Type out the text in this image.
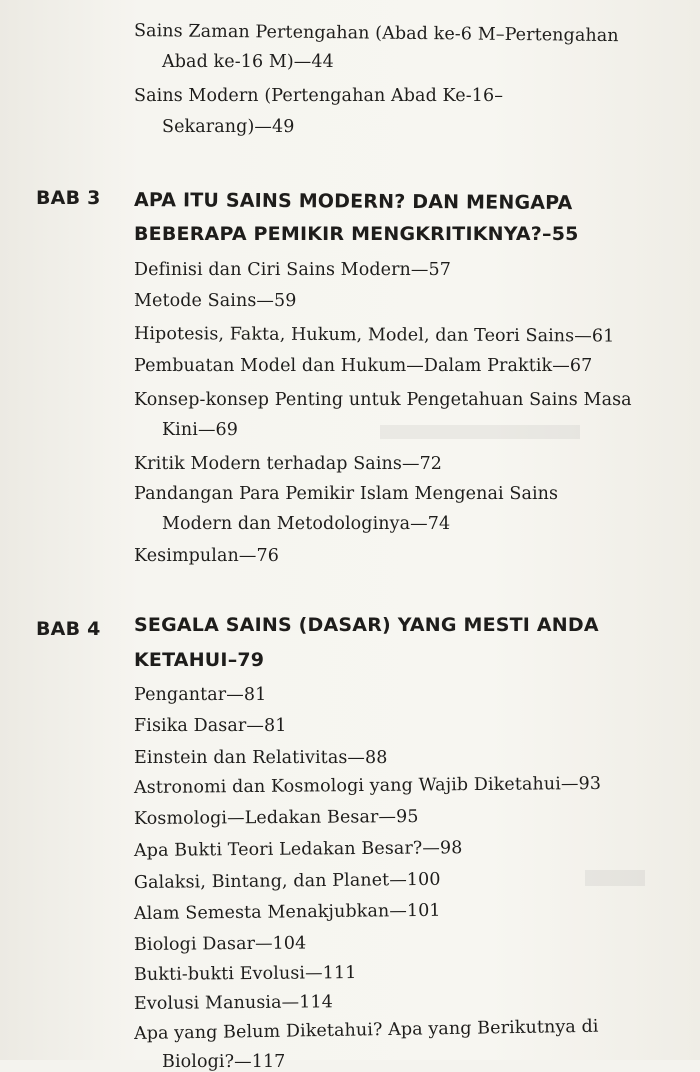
Sains Zaman Pertengahan (Abad ke-6 M–Pertengahan
Abad ke-16 M)—44
Sains Modern (Pertengahan Abad Ke-16–
Sekarang)—49
BAB 3 APA ITU SAINS MODERN? DAN MENGAPA
BEBERAPA PEMIKIR MENGKRITIKNYA?–55
Definisi dan Ciri Sains Modern—57
Metode Sains—59
Hipotesis, Fakta, Hukum, Model, dan Teori Sains—61
Pembuatan Model dan Hukum—Dalam Praktik—67
Konsep-konsep Penting untuk Pengetahuan Sains Masa
Kini—69
Kritik Modern terhadap Sains—72
Pandangan Para Pemikir Islam Mengenai Sains
Modern dan Metodologinya—74
Kesimpulan—76
BAB 4 SEGALA SAINS (DASAR) YANG MESTI ANDA
KETAHUI–79
Pengantar—81
Fisika Dasar—81
Einstein dan Relativitas—88
Astronomi dan Kosmologi yang Wajib Diketahui—93
Kosmologi—Ledakan Besar—95
Apa Bukti Teori Ledakan Besar?—98
Galaksi, Bintang, dan Planet—100
Alam Semesta Menakjubkan—101
Biologi Dasar—104
Bukti-bukti Evolusi—111
Evolusi Manusia—114
Apa yang Belum Diketahui? Apa yang Berikutnya di
Biologi?—117
